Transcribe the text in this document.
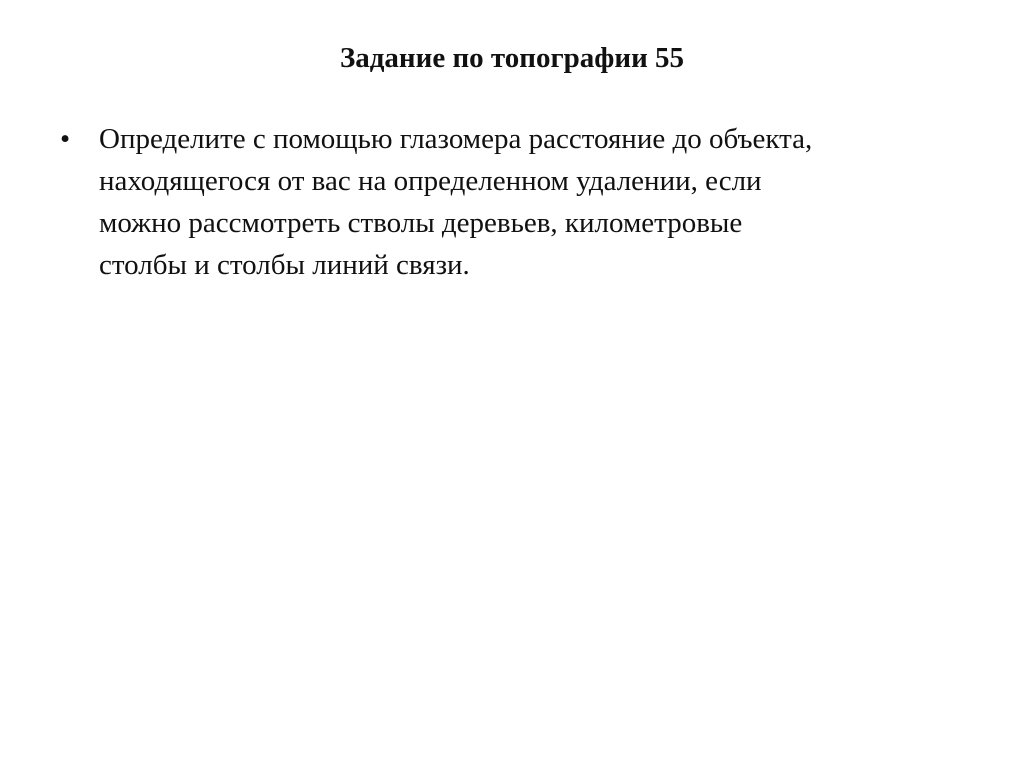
Задание по топографии 55
• Определите с помощью глазомера расстояние до объекта,
находящегося от вас на определенном удалении, если
можно рассмотреть стволы деревьев, километровые
столбы и столбы линий связи.
